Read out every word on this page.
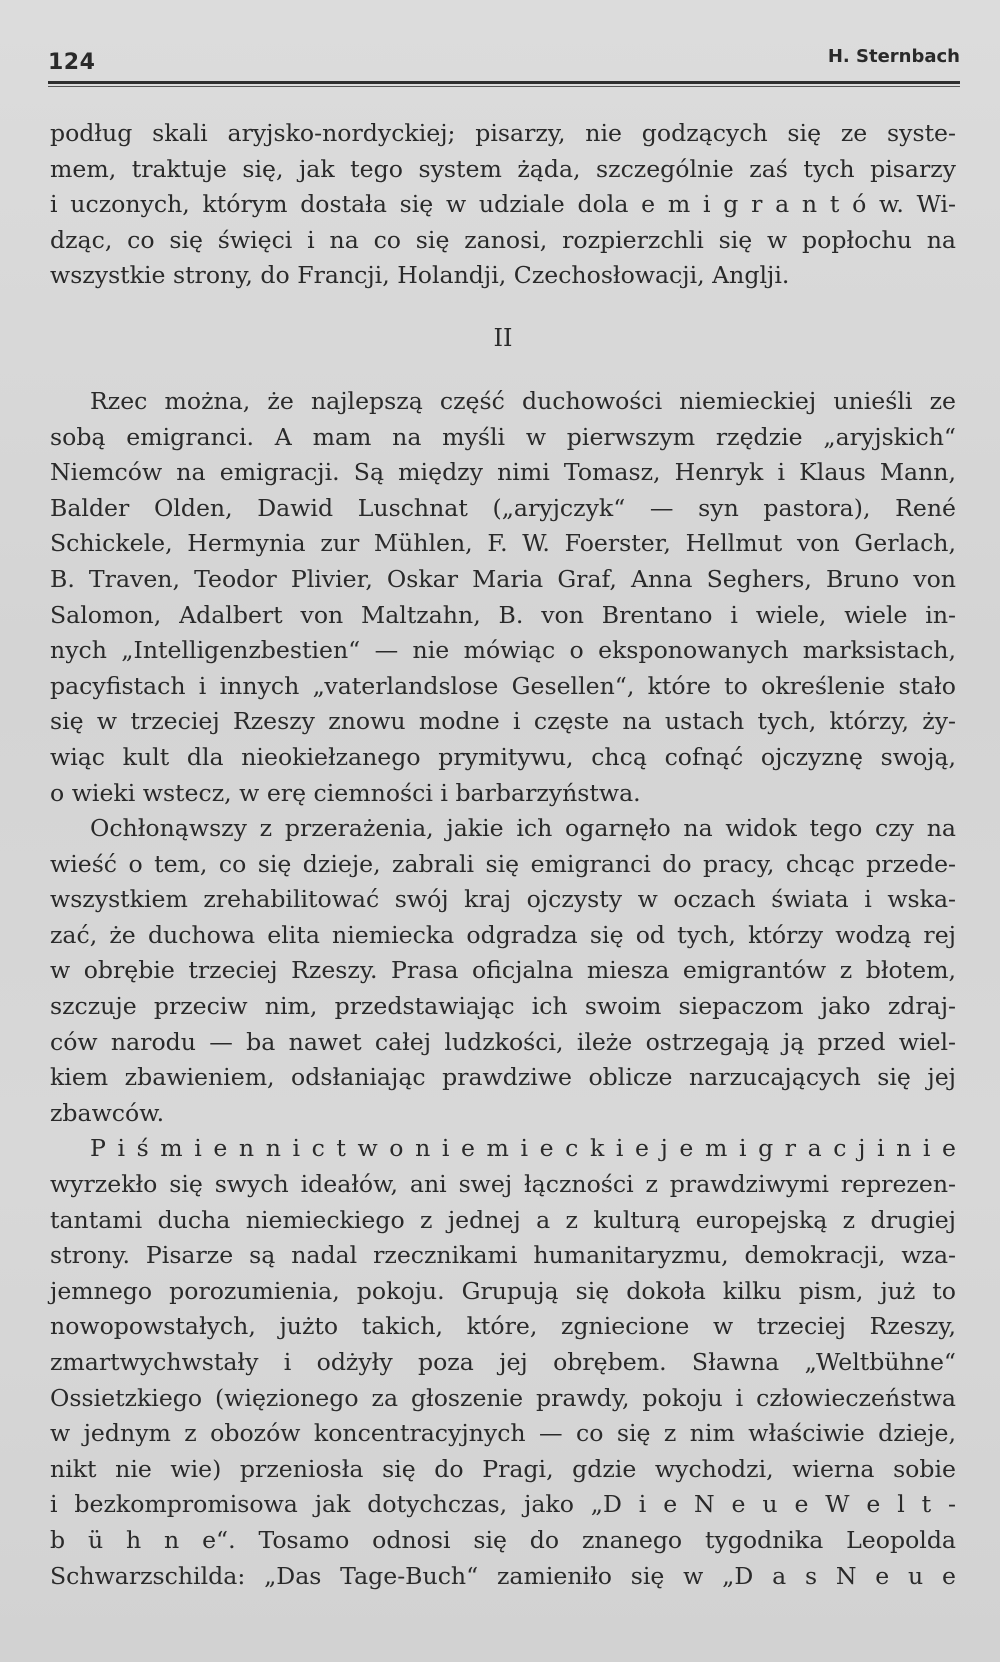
124	H. Sternbach
podług skali aryjsko-nordyckiej; pisarzy, nie godzących się ze syste-
mem, traktuje się, jak tego system żąda, szczególnie zaś tych pisarzy
i uczonych, którym dostała się w udziale dola e m i g r a n t ó w. Wi-
dząc, co się święci i na co się zanosi, rozpierzchli się w popłochu na
wszystkie strony, do Francji, Holandji, Czechosłowacji, Anglji.
II
Rzec można, że najlepszą część duchowości niemieckiej unieśli ze
sobą emigranci. A mam na myśli w pierwszym rzędzie „aryjskich“
Niemców na emigracji. Są między nimi Tomasz, Henryk i Klaus Mann,
Balder Olden, Dawid Luschnat („aryjczyk“ — syn pastora), René
Schickele, Hermynia zur Mühlen, F. W. Foerster, Hellmut von Gerlach,
B. Traven, Teodor Plivier, Oskar Maria Graf, Anna Seghers, Bruno von
Salomon, Adalbert von Maltzahn, B. von Brentano i wiele, wiele in-
nych „Intelligenzbestien“ — nie mówiąc o eksponowanych marksistach,
pacyfistach i innych „vaterlandslose Gesellen“, które to określenie stało
się w trzeciej Rzeszy znowu modne i częste na ustach tych, którzy, ży-
wiąc kult dla nieokiełzanego prymitywu, chcą cofnąć ojczyznę swoją,
o wieki wstecz, w erę ciemności i barbarzyństwa.
Ochłonąwszy z przerażenia, jakie ich ogarnęło na widok tego czy na
wieść o tem, co się dzieje, zabrali się emigranci do pracy, chcąc przede-
wszystkiem zrehabilitować swój kraj ojczysty w oczach świata i wska-
zać, że duchowa elita niemiecka odgradza się od tych, którzy wodzą rej
w obrębie trzeciej Rzeszy. Prasa oficjalna miesza emigrantów z błotem,
szczuje przeciw nim, przedstawiając ich swoim siepaczom jako zdraj-
ców narodu — ba nawet całej ludzkości, ileże ostrzegają ją przed wiel-
kiem zbawieniem, odsłaniając prawdziwe oblicze narzucających się jej
zbawców.
P i ś m i e n n i c t w o n i e m i e c k i e j e m i g r a c j i n i e
wyrzekło się swych ideałów, ani swej łączności z prawdziwymi reprezen-
tantami ducha niemieckiego z jednej a z kulturą europejską z drugiej
strony. Pisarze są nadal rzecznikami humanitaryzmu, demokracji, wza-
jemnego porozumienia, pokoju. Grupują się dokoła kilku pism, już to
nowopowstałych, jużto takich, które, zgniecione w trzeciej Rzeszy,
zmartwychwstały i odżyły poza jej obrębem. Sławna „Weltbühne“
Ossietzkiego (więzionego za głoszenie prawdy, pokoju i człowieczeństwa
w jednym z obozów koncentracyjnych — co się z nim właściwie dzieje,
nikt nie wie) przeniosła się do Pragi, gdzie wychodzi, wierna sobie
i bezkompromisowa jak dotychczas, jako „D i e N e u e W e l t -
b ü h n e“. Tosamo odnosi się do znanego tygodnika Leopolda
Schwarzschilda: „Das Tage-Buch“ zamieniło się w „D a s N e u e
